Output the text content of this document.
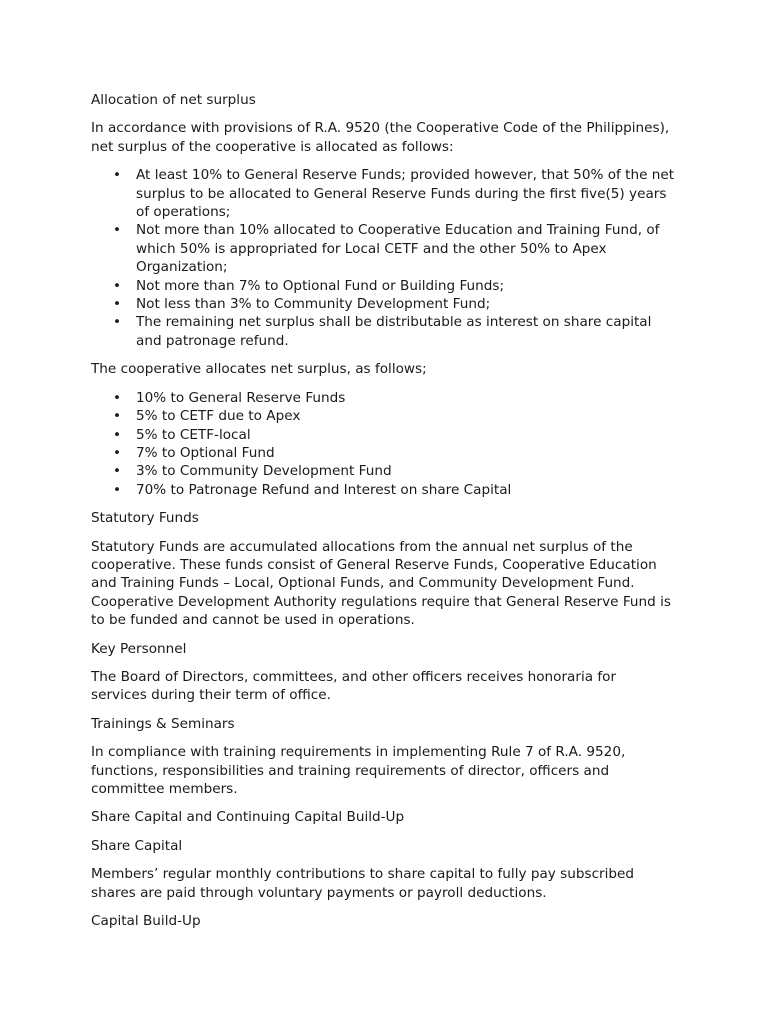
Allocation of net surplus

In accordance with provisions of R.A. 9520 (the Cooperative Code of the Philippines), net surplus of the cooperative is allocated as follows:

• At least 10% to General Reserve Funds; provided however, that 50% of the net surplus to be allocated to General Reserve Funds during the first five(5) years of operations;
• Not more than 10% allocated to Cooperative Education and Training Fund, of which 50% is appropriated for Local CETF and the other 50% to Apex Organization;
• Not more than 7% to Optional Fund or Building Funds;
• Not less than 3% to Community Development Fund;
• The remaining net surplus shall be distributable as interest on share capital and patronage refund.

The cooperative allocates net surplus, as follows;

• 10% to General Reserve Funds
• 5% to CETF due to Apex
• 5% to CETF-local
• 7% to Optional Fund
• 3% to Community Development Fund
• 70% to Patronage Refund and Interest on share Capital

Statutory Funds

Statutory Funds are accumulated allocations from the annual net surplus of the cooperative. These funds consist of General Reserve Funds, Cooperative Education and Training Funds – Local, Optional Funds, and Community Development Fund. Cooperative Development Authority regulations require that General Reserve Fund is to be funded and cannot be used in operations.

Key Personnel

The Board of Directors, committees, and other officers receives honoraria for services during their term of office.

Trainings & Seminars

In compliance with training requirements in implementing Rule 7 of R.A. 9520, functions, responsibilities and training requirements of director, officers and committee members.

Share Capital and Continuing Capital Build-Up

Share Capital

Members’ regular monthly contributions to share capital to fully pay subscribed shares are paid through voluntary payments or payroll deductions.

Capital Build-Up
